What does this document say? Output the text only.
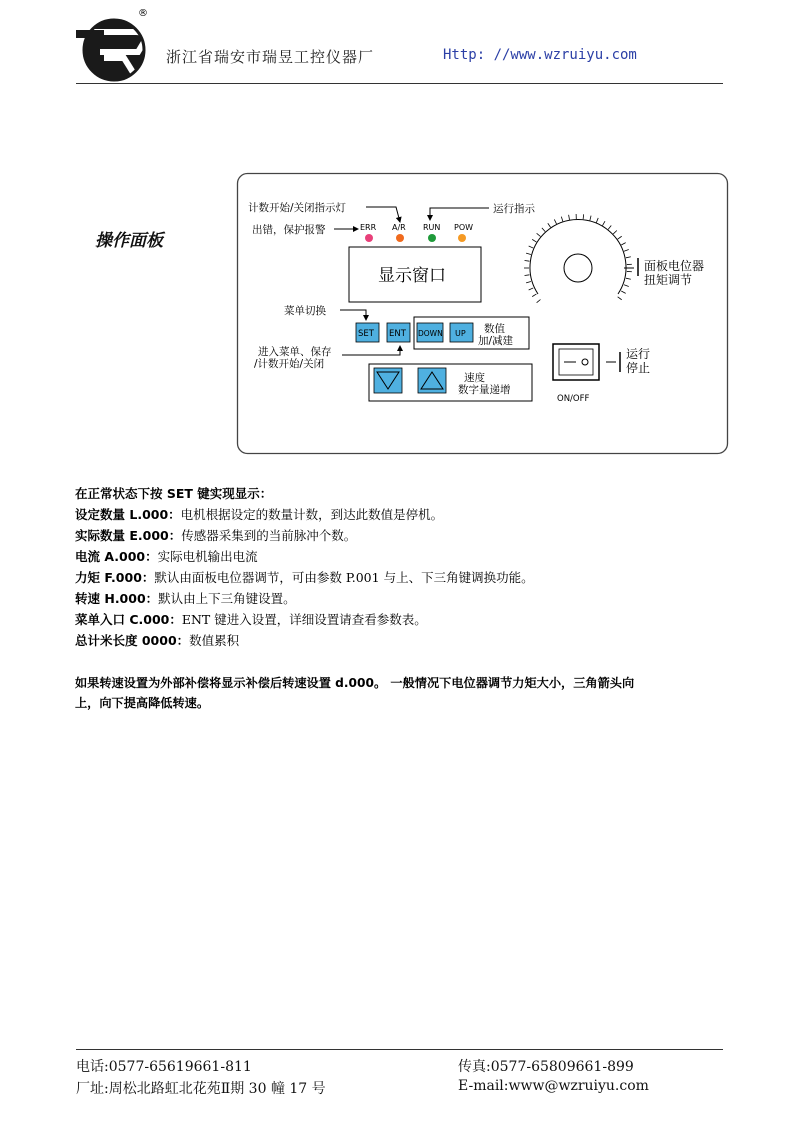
®
浙江省瑞安市瑞昱工控仪器厂	Http: //www.wzruiyu.com
操作面板
计数开始/关闭指示灯
出错，保护报警
运行指示
ERR A/R RUN POW
显示窗口
菜单切换
SET ENT DOWN UP 数值
加/减建
进入菜单、保存
/计数开始/关闭
速度
数字量递增
面板电位器
扭矩调节
运行
停止
ON/OFF
在正常状态下按 SET 键实现显示：
设定数量 L.000：电机根据设定的数量计数，到达此数值是停机。
实际数量 E.000：传感器采集到的当前脉冲个数。
电流 A.000：实际电机输出电流
力矩 F.000：默认由面板电位器调节，可由参数 P.001 与上、下三角键调换功能。
转速 H.000：默认由上下三角键设置。
菜单入口 C.000：ENT 键进入设置，详细设置请查看参数表。
总计米长度 0000：数值累积
如果转速设置为外部补偿将显示补偿后转速设置 d.000。 一般情况下电位器调节力矩大小，三角箭头向
上，向下提高降低转速。
电话:0577-65619661-811	传真:0577-65809661-899
厂址:周松北路虹北花苑Ⅱ期 30 幢 17 号	E-mail:www@wzruiyu.com
